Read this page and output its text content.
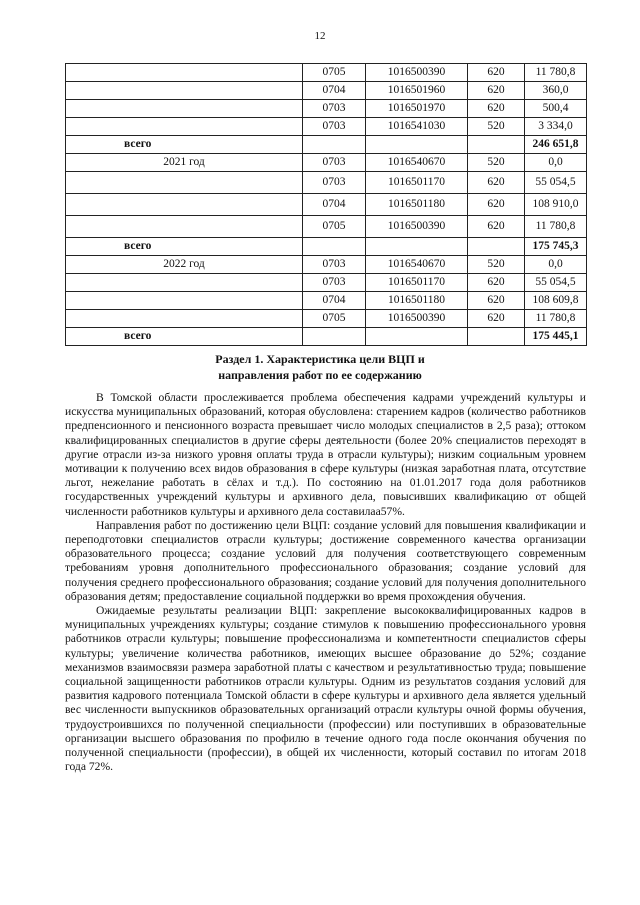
12
	0705	1016500390	620	11 780,8
	0704	1016501960	620	360,0
	0703	1016501970	620	500,4
	0703	1016541030	520	3 334,0
всего				246 651,8
2021 год	0703	1016540670	520	0,0
	0703	1016501170	620	55 054,5
	0704	1016501180	620	108 910,0
	0705	1016500390	620	11 780,8
всего				175 745,3
2022 год	0703	1016540670	520	0,0
	0703	1016501170	620	55 054,5
	0704	1016501180	620	108 609,8
	0705	1016500390	620	11 780,8
всего				175 445,1
Раздел 1. Характеристика цели ВЦП и
направления работ по ее содержанию

В Томской области прослеживается проблема обеспечения кадрами учреждений культуры и искусства муниципальных образований, которая обусловлена: старением кадров (количество работников предпенсионного и пенсионного возраста превышает число молодых специалистов в 2,5 раза); оттоком квалифицированных специалистов в другие сферы деятельности (более 20% специалистов переходят в другие отрасли из-за низкого уровня оплаты труда в отрасли культуры); низким социальным уровнем мотивации к получению всех видов образования в сфере культуры (низкая заработная плата, отсутствие льгот, нежелание работать в сёлах и т.д.). По состоянию на 01.01.2017 года доля работников государственных учреждений культуры и архивного дела, повысивших квалификацию от общей численности работников культуры и архивного дела составилаа57%.

Направления работ по достижению цели ВЦП: создание условий для повышения квалификации и переподготовки специалистов отрасли культуры; достижение современного качества организации образовательного процесса; создание условий для получения соответствующего современным требованиям уровня дополнительного профессионального образования; создание условий для получения среднего профессионального образования; создание условий для получения дополнительного образования детям; предоставление социальной поддержки во время прохождения обучения.

Ожидаемые результаты реализации ВЦП: закрепление высококвалифицированных кадров в муниципальных учреждениях культуры; создание стимулов к повышению профессионального уровня работников отрасли культуры; повышение профессионализма и компетентности специалистов сферы культуры; увеличение количества работников, имеющих высшее образование до 52%; создание механизмов взаимосвязи размера заработной платы с качеством и результативностью труда; повышение социальной защищенности работников отрасли культуры. Одним из результатов создания условий для развития кадрового потенциала Томской области в сфере культуры и архивного дела является удельный вес численности выпускников образовательных организаций отрасли культуры очной формы обучения, трудоустроившихся по полученной специальности (профессии) или поступивших в образовательные организации высшего образования по профилю в течение одного года после окончания обучения по полученной специальности (профессии), в общей их численности, который составил по итогам 2018 года 72%.
